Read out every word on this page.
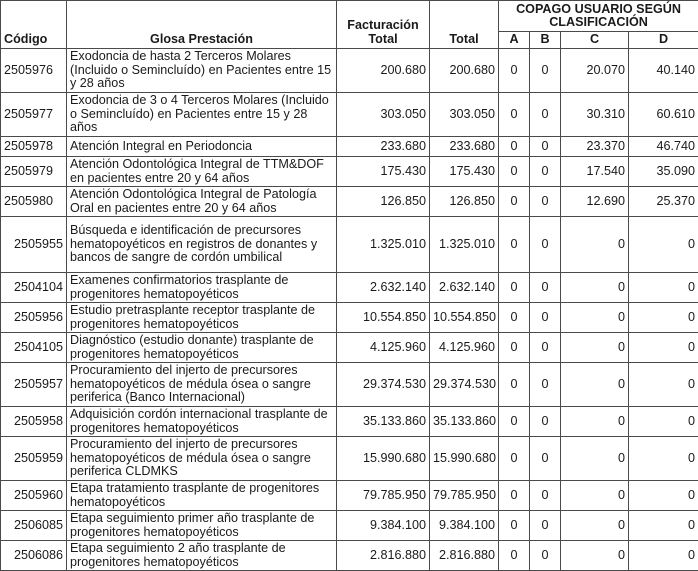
Código	Glosa Prestación	Facturación Total	Total	COPAGO USUARIO SEGÚN CLASIFICACIÓN			
				A	B	C	D
2505976	Exodoncia de hasta 2 Terceros Molares (Incluido o Semincluído) en Pacientes entre 15 y 28 años	200.680	200.680	0	0	20.070	40.140
2505977	Exodoncia de 3 o 4 Terceros Molares (Incluido o Semincluído) en Pacientes entre 15 y 28 años	303.050	303.050	0	0	30.310	60.610
2505978	Atención Integral en Periodoncia	233.680	233.680	0	0	23.370	46.740
2505979	Atención Odontológica Integral de TTM&DOF en pacientes entre 20 y 64 años	175.430	175.430	0	0	17.540	35.090
2505980	Atención Odontológica Integral de Patología Oral en pacientes entre 20 y 64 años	126.850	126.850	0	0	12.690	25.370
2505955	Búsqueda e identificación de precursores hematopoyéticos en registros de donantes y bancos de sangre de cordón umbilical	1.325.010	1.325.010	0	0	0	0
2504104	Examenes confirmatorios trasplante de progenitores hematopoyéticos	2.632.140	2.632.140	0	0	0	0
2505956	Estudio pretrasplante receptor trasplante de progenitores hematopoyéticos	10.554.850	10.554.850	0	0	0	0
2504105	Diagnóstico (estudio donante) trasplante de progenitores hematopoyéticos	4.125.960	4.125.960	0	0	0	0
2505957	Procuramiento del injerto de precursores hematopoyéticos de médula ósea o sangre periferica (Banco Internacional)	29.374.530	29.374.530	0	0	0	0
2505958	Adquisición cordón internacional trasplante de progenitores hematopoyéticos	35.133.860	35.133.860	0	0	0	0
2505959	Procuramiento del injerto de precursores hematopoyéticos de médula ósea o sangre periferica CLDMKS	15.990.680	15.990.680	0	0	0	0
2505960	Etapa tratamiento trasplante de progenitores hematopoyéticos	79.785.950	79.785.950	0	0	0	0
2506085	Etapa seguimiento primer año trasplante de progenitores hematopoyéticos	9.384.100	9.384.100	0	0	0	0
2506086	Etapa seguimiento 2 año trasplante de progenitores hematopoyéticos	2.816.880	2.816.880	0	0	0	0
